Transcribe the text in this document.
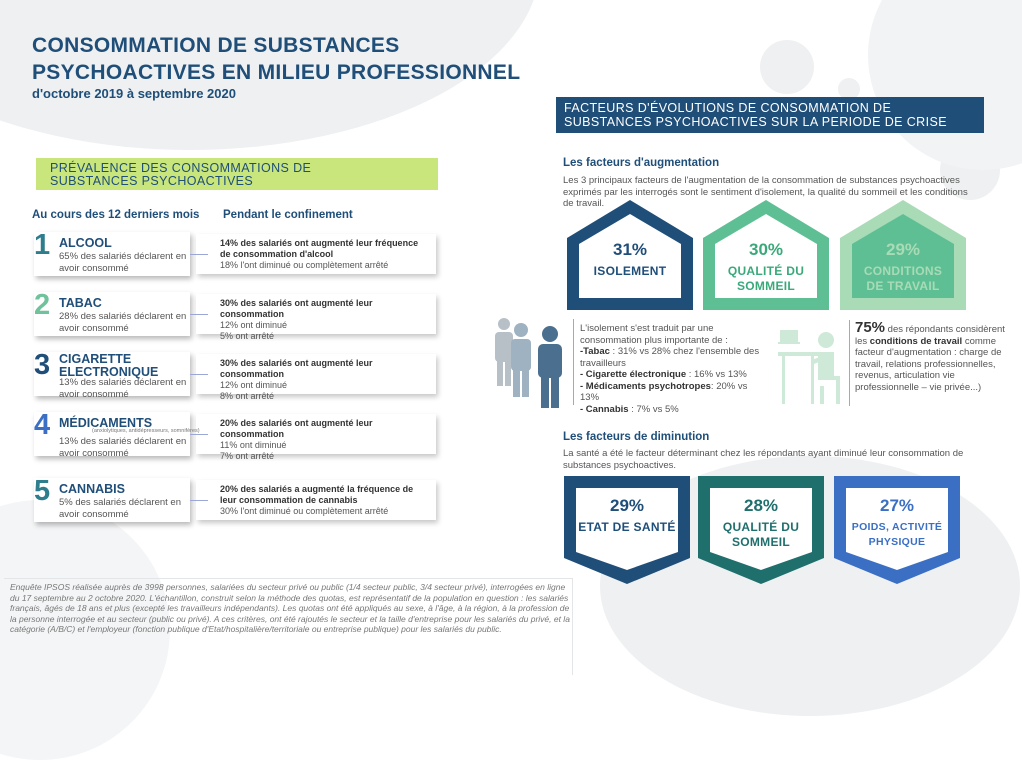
CONSOMMATION DE SUBSTANCES PSYCHOACTIVES EN MILIEU PROFESSIONNEL
d'octobre 2019 à septembre 2020
PRÉVALENCE DES CONSOMMATIONS DE SUBSTANCES PSYCHOACTIVES
Au cours des 12 derniers mois Pendant le confinement
1 ALCOOL
65% des salariés déclarent en avoir consommé
14% des salariés ont augmenté leur fréquence de consommation d'alcool
18% l'ont diminué ou complètement arrêté
2 TABAC
28% des salariés déclarent en avoir consommé
30% des salariés ont augmenté leur consommation
12% ont diminué
5% ont arrêté
3 CIGARETTE ELECTRONIQUE
13% des salariés déclarent en avoir consommé
30% des salariés ont augmenté leur consommation
12% ont diminué
8% ont arrêté
4 MÉDICAMENTS
(anxiolytiques, antidépresseurs, somnifères)
13% des salariés déclarent en avoir consommé
20% des salariés ont augmenté leur consommation
11% ont diminué
7% ont arrêté
5 CANNABIS
5% des salariés déclarent en avoir consommé
20% des salariés a augmenté la fréquence de leur consommation de cannabis
30% l'ont diminué ou complètement arrêté
FACTEURS D'ÉVOLUTIONS DE CONSOMMATION DE SUBSTANCES PSYCHOACTIVES SUR LA PERIODE DE CRISE
Les facteurs d'augmentation
Les 3 principaux facteurs de l'augmentation de la consommation de substances psychoactives exprimés par les interrogés sont le sentiment d'isolement, la qualité du sommeil et les conditions de travail.
31%
ISOLEMENT
30%
QUALITÉ DU SOMMEIL
29%
CONDITIONS DE TRAVAIL
L'isolement s'est traduit par une consommation plus importante de :
-Tabac : 31% vs 28% chez l'ensemble des travailleurs
- Cigarette électronique : 16% vs 13%
- Médicaments psychotropes: 20% vs 13%
- Cannabis : 7% vs 5%
75% des répondants considèrent les conditions de travail comme facteur d'augmentation : charge de travail, relations professionnelles, revenus, articulation vie professionnelle – vie privée...)
Les facteurs de diminution
La santé a été le facteur déterminant chez les répondants ayant diminué leur consommation de substances psychoactives.
29%
ETAT DE SANTÉ
28%
QUALITÉ DU SOMMEIL
27%
POIDS, ACTIVITÉ PHYSIQUE
Enquête IPSOS réalisée auprès de 3998 personnes, salariées du secteur privé ou public (1/4 secteur public, 3/4 secteur privé), interrogées en ligne du 17 septembre au 2 octobre 2020. L'échantillon, construit selon la méthode des quotas, est représentatif de la population en question : les salariés français, âgés de 18 ans et plus (excepté les travailleurs indépendants). Les quotas ont été appliqués au sexe, à l'âge, à la région, à la profession de la personne interrogée et au secteur (public ou privé). A ces critères, ont été rajoutés le secteur et la taille d'entreprise pour les salariés du privé, et la catégorie (A/B/C) et l'employeur (fonction publique d'Etat/hospitalière/territoriale ou entreprise publique) pour les salariés du public.
